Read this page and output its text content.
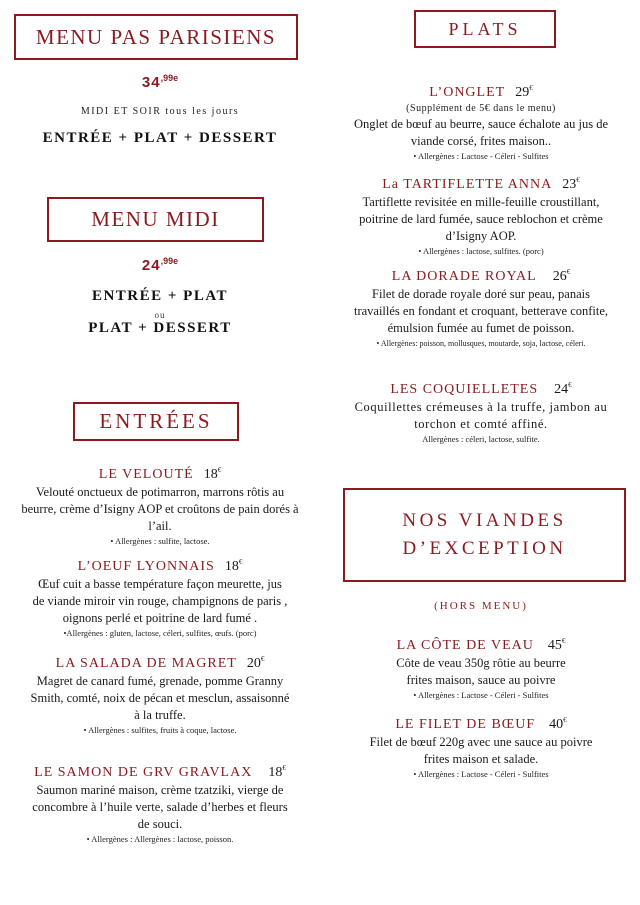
MENU PAS PARISIENS
$34^{,99e}$
MIDI ET SOIR tous les jours
ENTRÉE + PLAT + DESSERT
MENU MIDI
$24^{,99e}$
ENTRÉE + PLAT
ou
PLAT + DESSERT
ENTRÉES
LE VELOUTÉ 18€
Velouté onctueux de potimarron, marrons rôtis au
beurre, crème d’Isigny AOP et croûtons de pain dorés à
l’ail.
• Allergènes : sulfite, lactose.
L’OEUF LYONNAIS 18€
Œuf cuit a basse température façon meurette, jus
de viande miroir vin rouge, champignons de paris ,
oignons perlé et poitrine de lard fumé .
•Allergènes : gluten, lactose, céleri, sulfites, œufs. (porc)
LA SALADA DE MAGRET 20€
Magret de canard fumé, grenade, pomme Granny
Smith, comté, noix de pécan et mesclun, assaisonné
à la truffe.
• Allergènes : sulfites, fruits à coque, lactose.
LE SAMON DE GRV GRAVLAX 18€
Saumon mariné maison, crème tzatziki, vierge de
concombre à l’huile verte, salade d’herbes et fleurs
de souci.
• Allergènes : Allergènes : lactose, poisson.
PLATS
L’ONGLET 29€
(Supplément de 5€ dans le menu)
Onglet de bœuf au beurre, sauce échalote au jus de
viande corsé, frites maison..
• Allergènes : Lactose - Céleri - Sulfites
La TARTIFLETTE ANNA 23€
Tartiflette revisitée en mille-feuille croustillant,
poitrine de lard fumée, sauce reblochon et crème
d’Isigny AOP.
• Allergènes : lactose, sulfites. (porc)
LA DORADE ROYAL 26€
Filet de dorade royale doré sur peau, panais
travaillés en fondant et croquant, betterave confite,
émulsion fumée au fumet de poisson.
• Allergènes: poisson, mollusques, moutarde, soja, lactose, céleri.
LES COQUIELLETES 24€
Coquillettes crémeuses à la truffe, jambon au
torchon et comté affiné.
Allergènes : céleri, lactose, sulfite.
NOS VIANDES
D’EXCEPTION
(HORS MENU)
LA CÔTE DE VEAU 45€
Côte de veau 350g rôtie au beurre
frites maison, sauce au poivre
• Allergènes : Lactose - Céleri - Sulfites
LE FILET DE BŒUF 40€
Filet de bœuf 220g avec une sauce au poivre
frites maison et salade.
• Allergènes : Lactose - Céleri - Sulfites
